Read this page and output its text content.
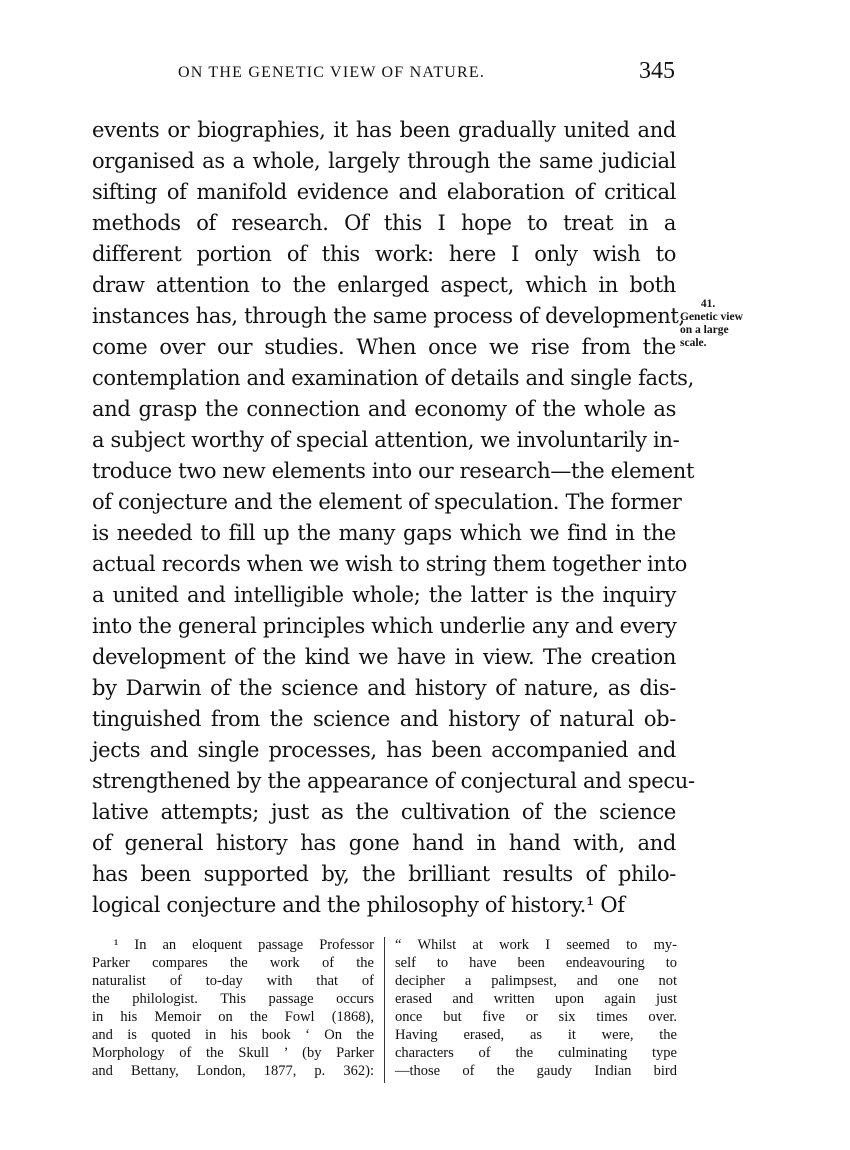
ON THE GENETIC VIEW OF NATURE.	345
events or biographies, it has been gradually united and
organised as a whole, largely through the same judicial
sifting of manifold evidence and elaboration of critical
methods of research. Of this I hope to treat in a
different portion of this work: here I only wish to
draw attention to the enlarged aspect, which in both
instances has, through the same process of development,
come over our studies. When once we rise from the
contemplation and examination of details and single facts,
and grasp the connection and economy of the whole as
a subject worthy of special attention, we involuntarily in-
troduce two new elements into our research—the element
of conjecture and the element of speculation. The former
is needed to fill up the many gaps which we find in the
actual records when we wish to string them together into
a united and intelligible whole; the latter is the inquiry
into the general principles which underlie any and every
development of the kind we have in view. The creation
by Darwin of the science and history of nature, as dis-
tinguished from the science and history of natural ob-
jects and single processes, has been accompanied and
strengthened by the appearance of conjectural and specu-
lative attempts; just as the cultivation of the science
of general history has gone hand in hand with, and
has been supported by, the brilliant results of philo-
logical conjecture and the philosophy of history.¹ Of
41.
Genetic view
on a large
scale.
¹ In an eloquent passage Professor
Parker compares the work of the
naturalist of to-day with that of
the philologist. This passage occurs
in his Memoir on the Fowl (1868),
and is quoted in his book ‘ On the
Morphology of the Skull ’ (by Parker
and Bettany, London, 1877, p. 362):
“ Whilst at work I seemed to my-
self to have been endeavouring to
decipher a palimpsest, and one not
erased and written upon again just
once but five or six times over.
Having erased, as it were, the
characters of the culminating type
—those of the gaudy Indian bird
